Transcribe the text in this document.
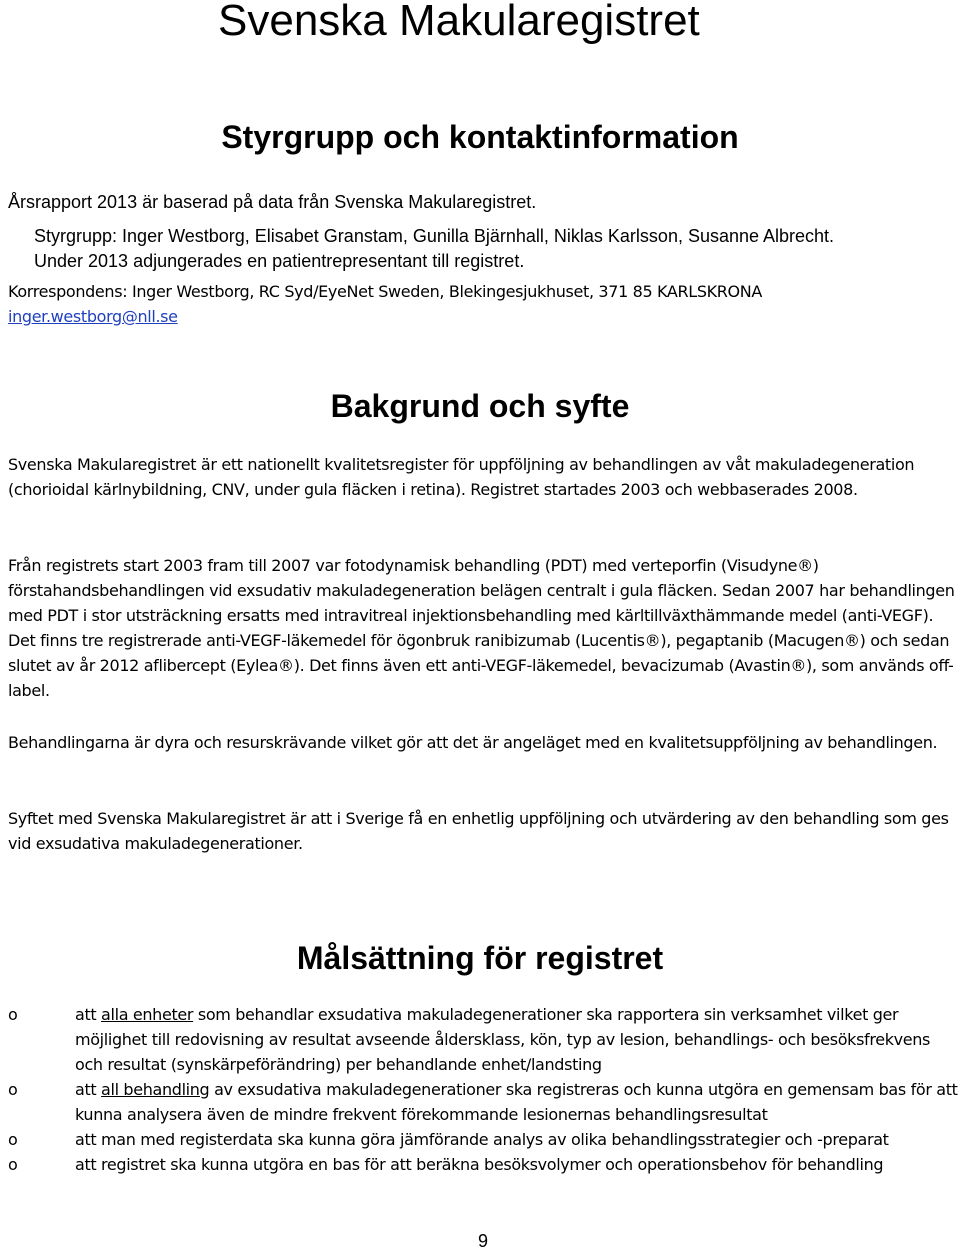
Svenska Makularegistret
Styrgrupp och kontaktinformation

Årsrapport 2013 är baserad på data från Svenska Makularegistret.

Styrgrupp: Inger Westborg, Elisabet Granstam, Gunilla Bjärnhall, Niklas Karlsson, Susanne Albrecht.

Under 2013 adjungerades en patientrepresentant till registret.

Korrespondens: Inger Westborg, RC Syd/EyeNet Sweden, Blekingesjukhuset, 371 85 KARLSKRONA

inger.westborg@nll.se
Bakgrund och syfte

Svenska Makularegistret är ett nationellt kvalitetsregister för uppföljning av behandlingen av våt makuladegeneration (chorioidal kärlnybildning, CNV, under gula fläcken i retina). Registret startades 2003 och webbaserades 2008.

Från registrets start 2003 fram till 2007 var fotodynamisk behandling (PDT) med verteporfin (Visudyne®) förstahandsbehandlingen vid exsudativ makuladegeneration belägen centralt i gula fläcken. Sedan 2007 har behandlingen med PDT i stor utsträckning ersatts med intravitreal injektionsbehandling med kärltillväxthämmande medel (anti-VEGF). Det finns tre registrerade anti-VEGF-läkemedel för ögonbruk ranibizumab (Lucentis®), pegaptanib (Macugen®) och sedan slutet av år 2012 aflibercept (Eylea®). Det finns även ett anti-VEGF-läkemedel, bevacizumab (Avastin®), som används off-label.

Behandlingarna är dyra och resurskrävande vilket gör att det är angeläget med en kvalitetsuppföljning av behandlingen.

Syftet med Svenska Makularegistret är att i Sverige få en enhetlig uppföljning och utvärdering av den behandling som ges vid exsudativa makuladegenerationer.

Målsättning för registret
o	att alla enheter som behandlar exsudativa makuladegenerationer ska rapportera sin verksamhet vilket ger möjlighet till redovisning av resultat avseende åldersklass, kön, typ av lesion, behandlings- och besöksfrekvens och resultat (synskärpeförändring) per behandlande enhet/landsting
o	att all behandling av exsudativa makuladegenerationer ska registreras och kunna utgöra en gemensam bas för att kunna analysera även de mindre frekvent förekommande lesionernas behandlingsresultat
o	att man med registerdata ska kunna göra jämförande analys av olika behandlingsstrategier och -preparat
o	att registret ska kunna utgöra en bas för att beräkna besöksvolymer och operationsbehov för behandling

9
